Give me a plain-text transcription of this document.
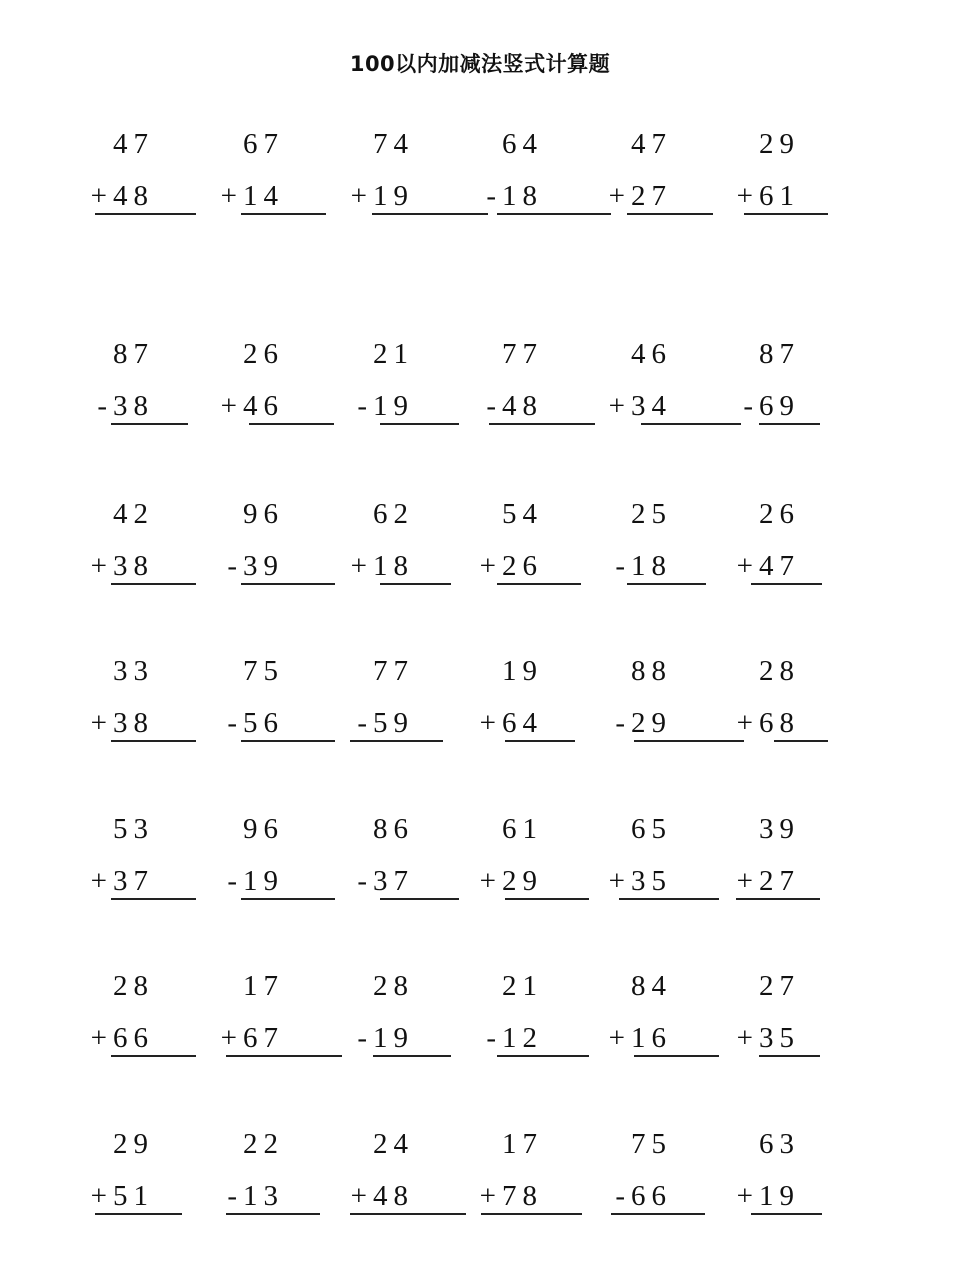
100以内加减法竖式计算题
47
+48
67
+14
74
+19
64
-18
47
+27
29
+61
87
-38
26
+46
21
-19
77
-48
46
+34
87
-69
42
+38
96
-39
62
+18
54
+26
25
-18
26
+47
33
+38
75
-56
77
-59
19
+64
88
-29
28
+68
53
+37
96
-19
86
-37
61
+29
65
+35
39
+27
28
+66
17
+67
28
-19
21
-12
84
+16
27
+35
29
+51
22
-13
24
+48
17
+78
75
-66
63
+19
